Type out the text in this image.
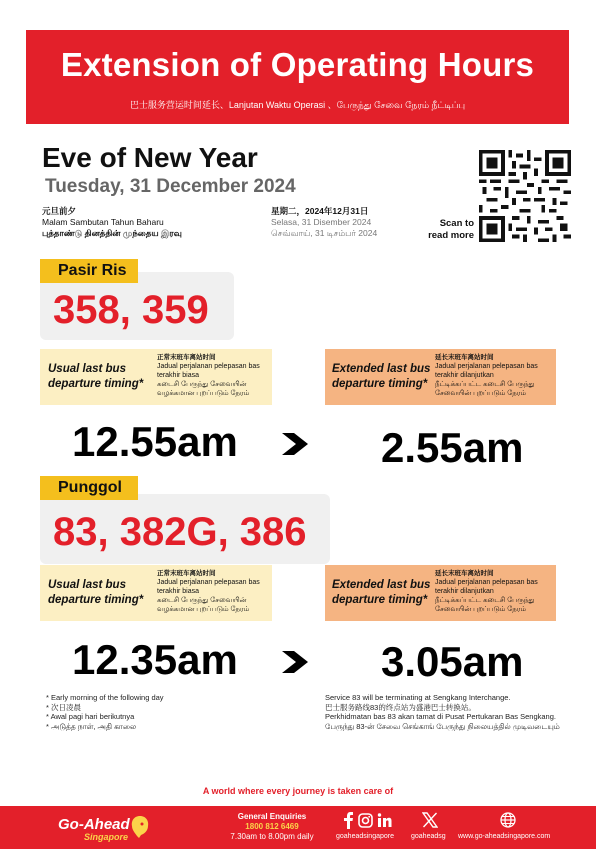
Extension of Operating Hours
巴士服务营运时间延长、Lanjutan Waktu Operasi 、பேருந்து சேவை நேரம் நீட்டிப்பு
Eve of New Year
Tuesday, 31 December 2024
元旦前夕
Malam Sambutan Tahun Baharu
புத்தாண்டு தினத்தின் முந்தைய இரவு
星期二，2024年12月31日
Selasa, 31 Disember 2024
செவ்வாய், 31 டிசம்பர் 2024
Scan to read more
358, 359
Pasir Ris
Usual last bus departure timing*
正常末班车离站时间
Jadual perjalanan pelepasan bas terakhir biasa
கடைசி பேருந்து சேவையின் வழக்கமான புறப்படும் நேரம்
Extended last bus departure timing*
延长末班车离站时间
Jadual perjalanan pelepasan bas terakhir dilanjutkan
நீட்டிக்கப்பட்ட கடைசி பேருந்து சேவையின் புறப்படும் நேரம்
12.55am	2.55am
83, 382G, 386
Punggol
Usual last bus departure timing*
正常末班车离站时间
Jadual perjalanan pelepasan bas terakhir biasa
கடைசி பேருந்து சேவையின் வழக்கமான புறப்படும் நேரம்
Extended last bus departure timing*
延长末班车离站时间
Jadual perjalanan pelepasan bas terakhir dilanjutkan
நீட்டிக்கப்பட்ட கடைசி பேருந்து சேவையின் புறப்படும் நேரம்
12.35am	3.05am
* Early morning of the following day
* 次日凌晨
* Awal pagi hari berikutnya
* அடுத்த நாள், அதி காலை
Service 83 will be terminating at Sengkang Interchange.
巴士服务路线83的终点站为盛港巴士转换站。
Perkhidmatan bas 83 akan tamat di Pusat Pertukaran Bas Sengkang.
பேருந்து 83-ன் சேவை செங்காங் பேருந்து நிலையத்தில் முடிவடையும்
A world where every journey is taken care of
Go-Ahead
Singapore
General Enquiries
1800 812 6469
7.30am to 8.00pm daily	goaheadsingapore goaheadsg www.go-aheadsingapore.com
